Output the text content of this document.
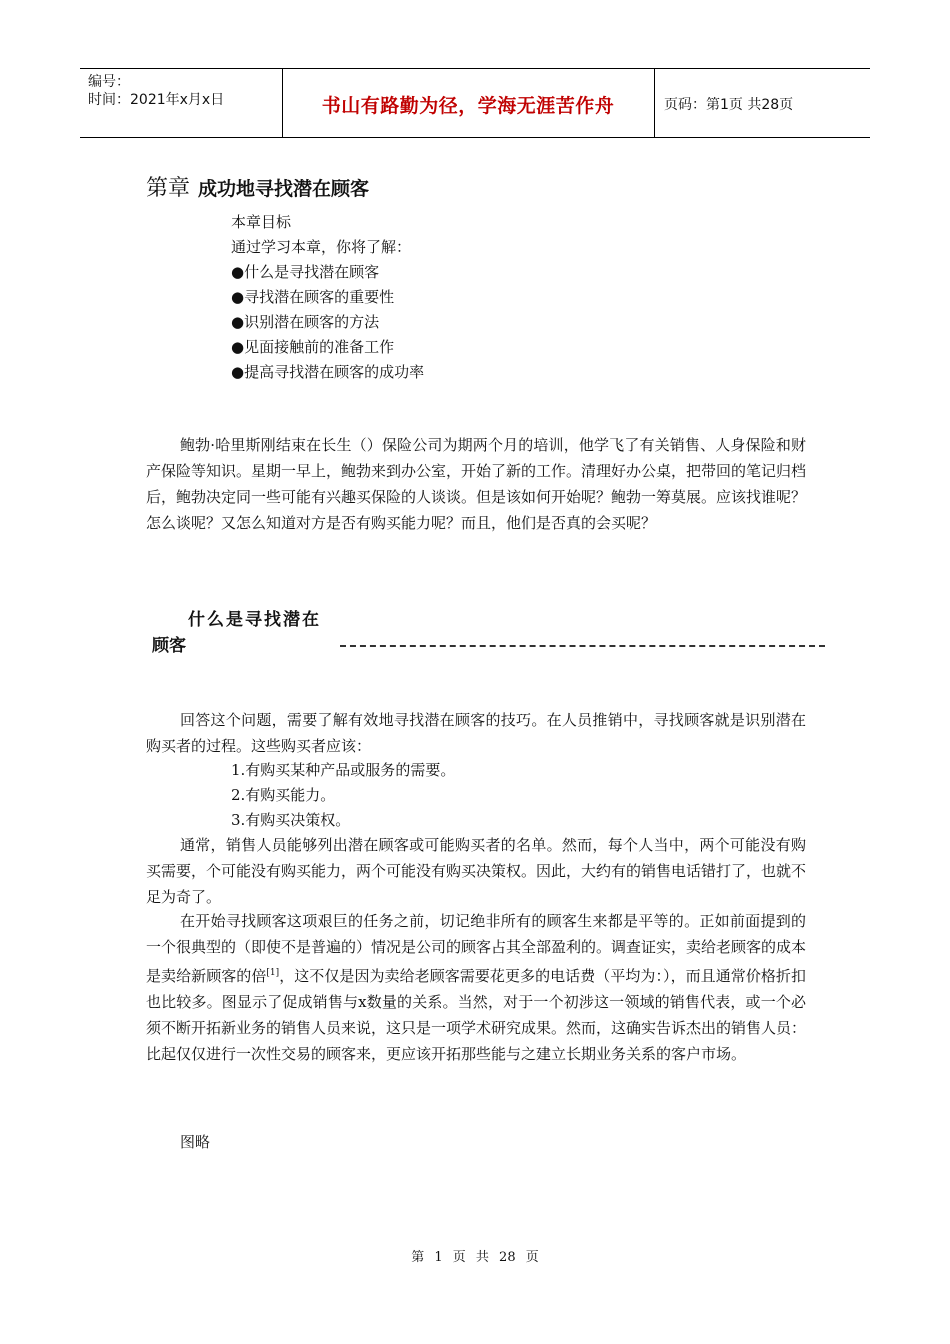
编号：
时间：2021年x月x日	书山有路勤为径，学海无涯苦作舟	页码：第1页 共28页
第章 成功地寻找潜在顾客
本章目标
通过学习本章，你将了解：
●什么是寻找潜在顾客
●寻找潜在顾客的重要性
●识别潜在顾客的方法
●见面接触前的准备工作
●提高寻找潜在顾客的成功率
鲍勃·哈里斯刚结束在长生（）保险公司为期两个月的培训，他学飞了有关销售、人身保险和财产保险等知识。星期一早上，鲍勃来到办公室，开始了新的工作。清理好办公桌，把带回的笔记归档后，鲍勃决定同一些可能有兴趣买保险的人谈谈。但是该如何开始呢？鲍勃一筹莫展。应该找谁呢？怎么谈呢？又怎么知道对方是否有购买能力呢？而且，他们是否真的会买呢？
什么是寻找潜在
顾客
回答这个问题，需要了解有效地寻找潜在顾客的技巧。在人员推销中，寻找顾客就是识别潜在购买者的过程。这些购买者应该：
1.有购买某种产品或服务的需要。
2.有购买能力。
3.有购买决策权。
通常，销售人员能够列出潜在顾客或可能购买者的名单。然而，每个人当中，两个可能没有购买需要，个可能没有购买能力，两个可能没有购买决策权。因此，大约有的销售电话错打了，也就不足为奇了。
在开始寻找顾客这项艰巨的任务之前，切记绝非所有的顾客生来都是平等的。正如前面提到的一个很典型的（即使不是普遍的）情况是公司的顾客占其全部盈利的。调查证实，卖给老顾客的成本是卖给新顾客的倍[1]，这不仅是因为卖给老顾客需要花更多的电话费（平均为：），而且通常价格折扣也比较多。图显示了促成销售与x数量的关系。当然，对于一个初涉这一领域的销售代表，或一个必须不断开拓新业务的销售人员来说，这只是一项学术研究成果。然而，这确实告诉杰出的销售人员：比起仅仅进行一次性交易的顾客来，更应该开拓那些能与之建立长期业务关系的客户市场。
图略
第 1 页 共 28 页
